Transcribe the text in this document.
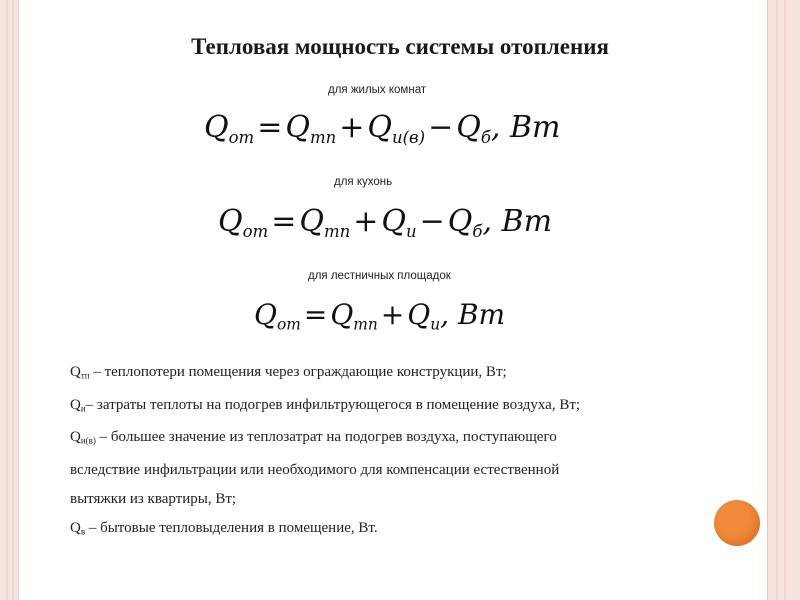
Тепловая мощность системы отопления
для жилых комнат
$Q_{от} = Q_{тп} + Q_{и(в)} - Q_б$, Вт
для кухонь
$Q_{от} = Q_{тп} + Q_и - Q_б$, Вт
для лестничных площадок
$Q_{от} = Q_{тп} + Q_и$, Вт
Qтп – теплопотери помещения через ограждающие конструкции, Вт;
Qи– затраты теплоты на подогрев инфильтрующегося в помещение воздуха, Вт;
Qи(в) – большее значение из теплозатрат на подогрев воздуха, поступающего
вследствие инфильтрации или необходимого для компенсации естественной
вытяжки из квартиры, Вт;
Qв – бытовые тепловыделения в помещение, Вт.
